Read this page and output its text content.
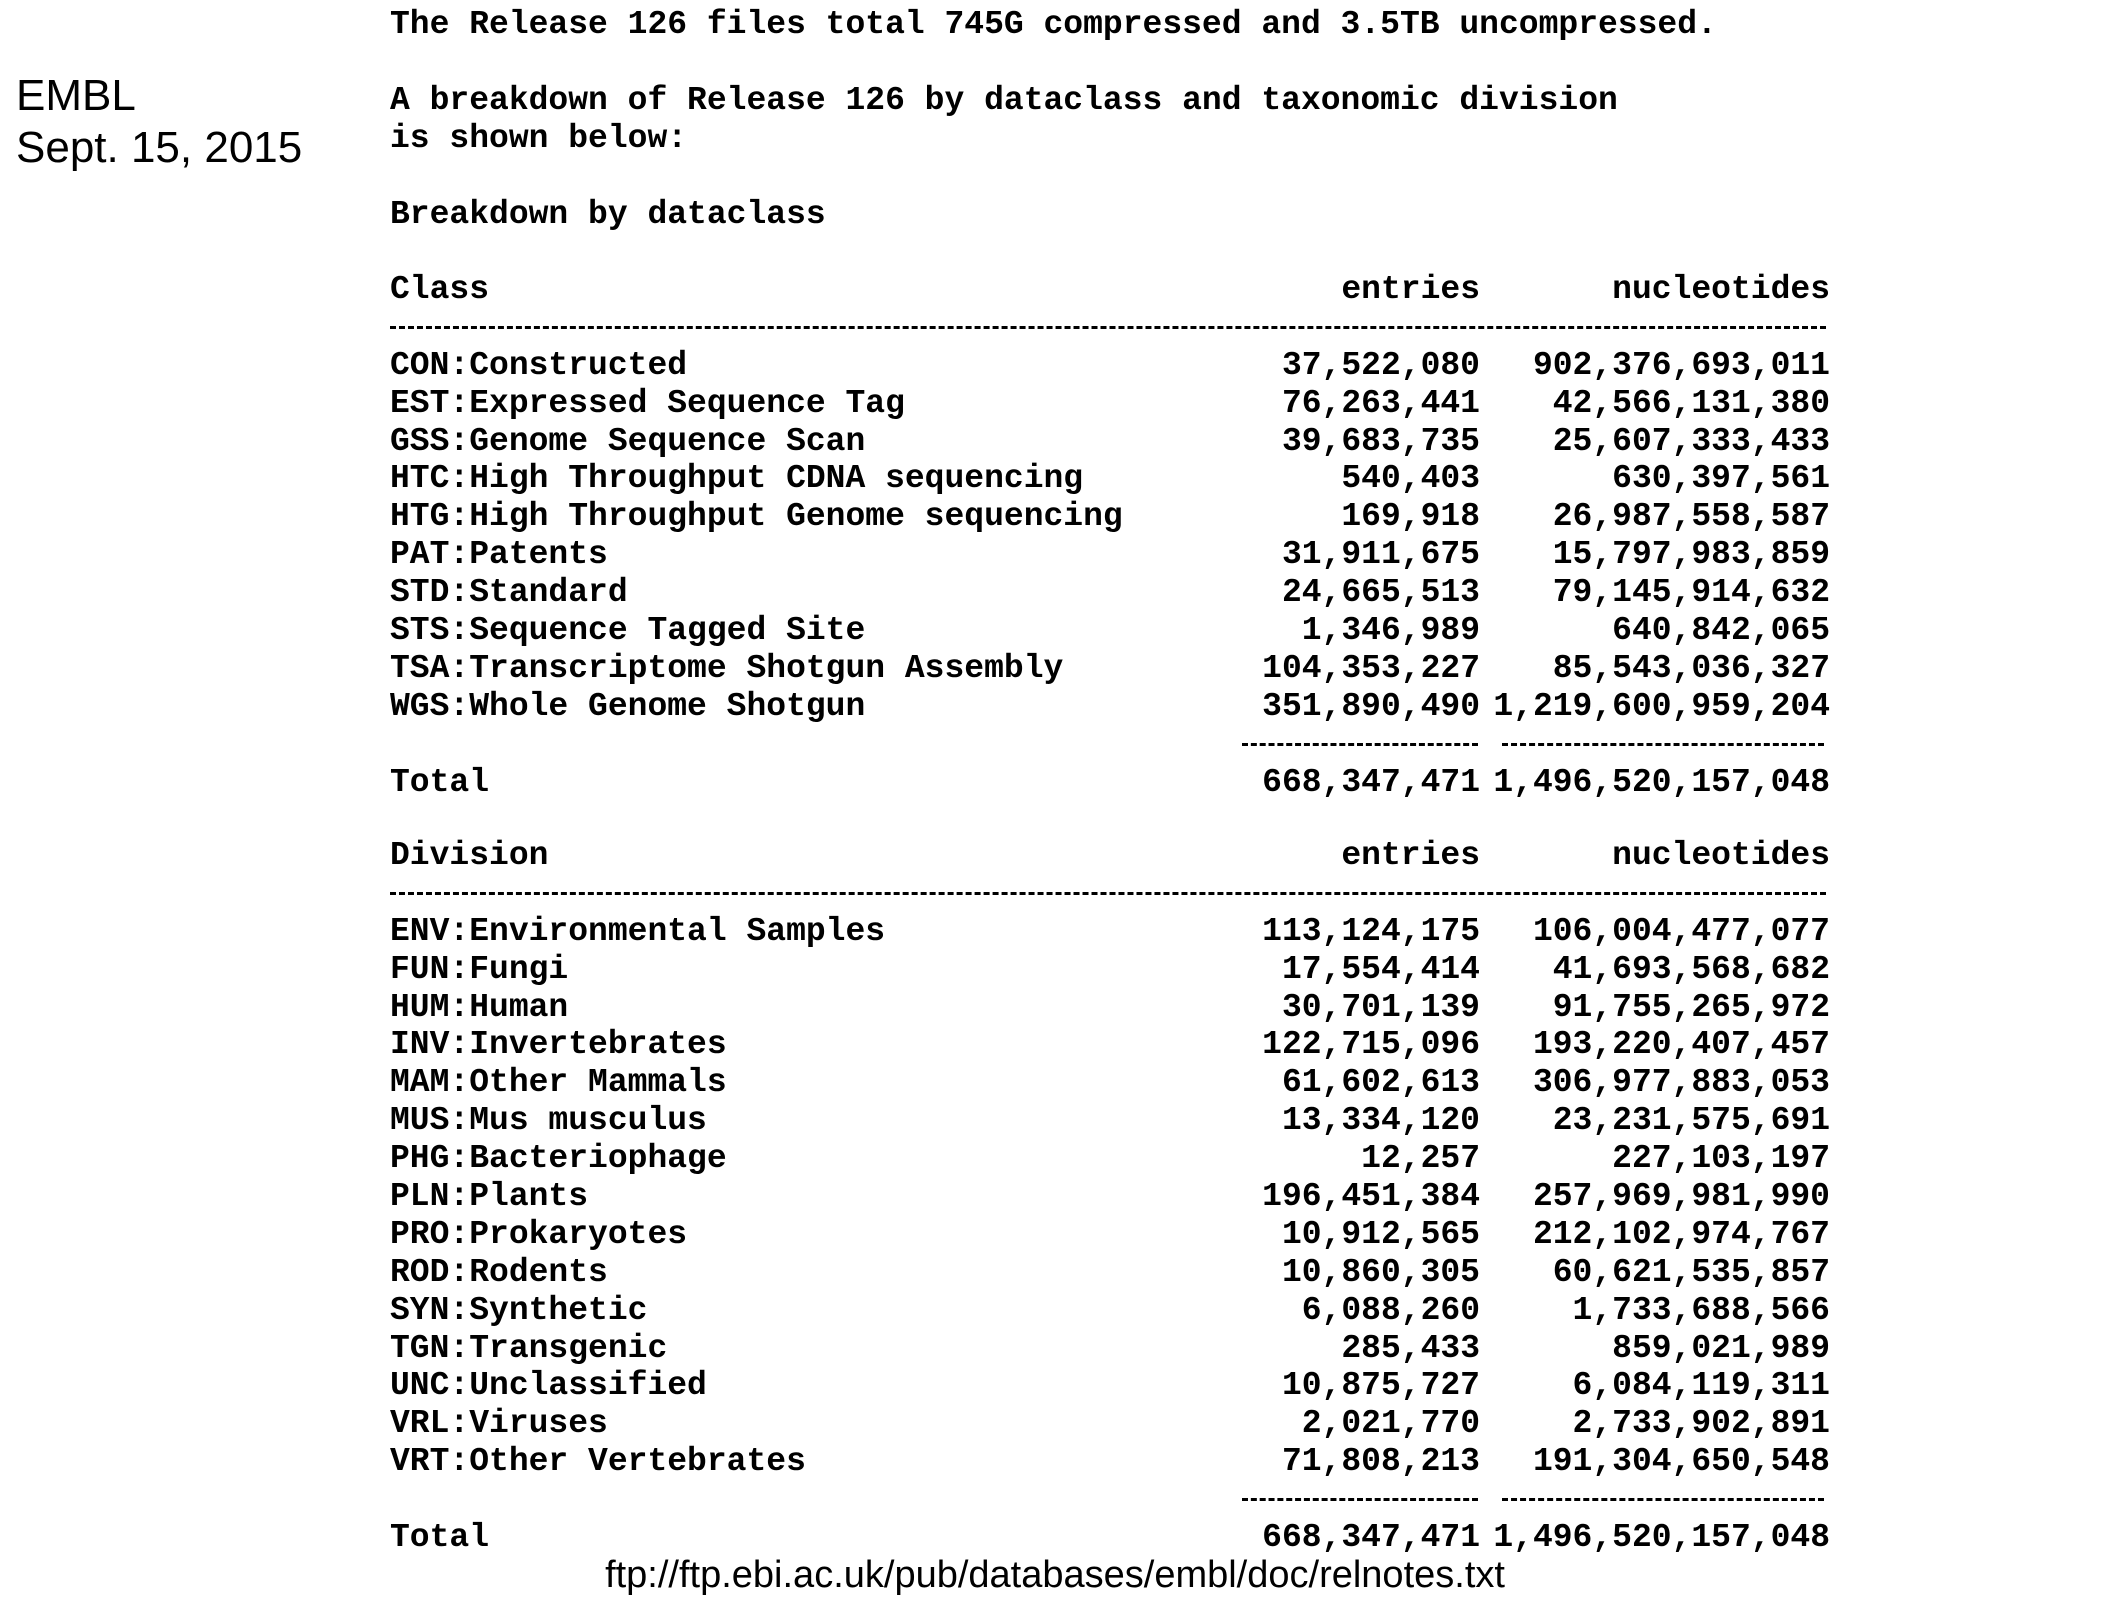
EMBL
Sept. 15, 2015
The Release 126 files total 745G compressed and 3.5TB uncompressed.
A breakdown of Release 126 by dataclass and taxonomic division
is shown below:
Breakdown by dataclass
Class	entries	nucleotides
CON:Constructed	37,522,080 902,376,693,011
EST:Expressed Sequence Tag	76,263,441 42,566,131,380
GSS:Genome Sequence Scan	39,683,735 25,607,333,433
HTC:High Throughput CDNA sequencing	540,403	630,397,561
HTG:High Throughput Genome sequencing	169,918 26,987,558,587
PAT:Patents	31,911,675 15,797,983,859
STD:Standard	24,665,513 79,145,914,632
STS:Sequence Tagged Site	1,346,989	640,842,065
TSA:Transcriptome Shotgun Assembly	104,353,227 85,543,036,327
WGS:Whole Genome Shotgun	351,890,490 1,219,600,959,204
Total	668,347,471 1,496,520,157,048
Division	entries	nucleotides
ENV:Environmental Samples	113,124,175 106,004,477,077
FUN:Fungi	17,554,414 41,693,568,682
HUM:Human	30,701,139 91,755,265,972
INV:Invertebrates	122,715,096 193,220,407,457
MAM:Other Mammals	61,602,613 306,977,883,053
MUS:Mus musculus	13,334,120 23,231,575,691
PHG:Bacteriophage	12,257	227,103,197
PLN:Plants	196,451,384 257,969,981,990
PRO:Prokaryotes	10,912,565 212,102,974,767
ROD:Rodents	10,860,305 60,621,535,857
SYN:Synthetic	6,088,260	1,733,688,566
TGN:Transgenic	285,433	859,021,989
UNC:Unclassified	10,875,727	6,084,119,311
VRL:Viruses	2,021,770	2,733,902,891
VRT:Other Vertebrates	71,808,213 191,304,650,548
Total	668,347,471 1,496,520,157,048
ftp://ftp.ebi.ac.uk/pub/databases/embl/doc/relnotes.txt
